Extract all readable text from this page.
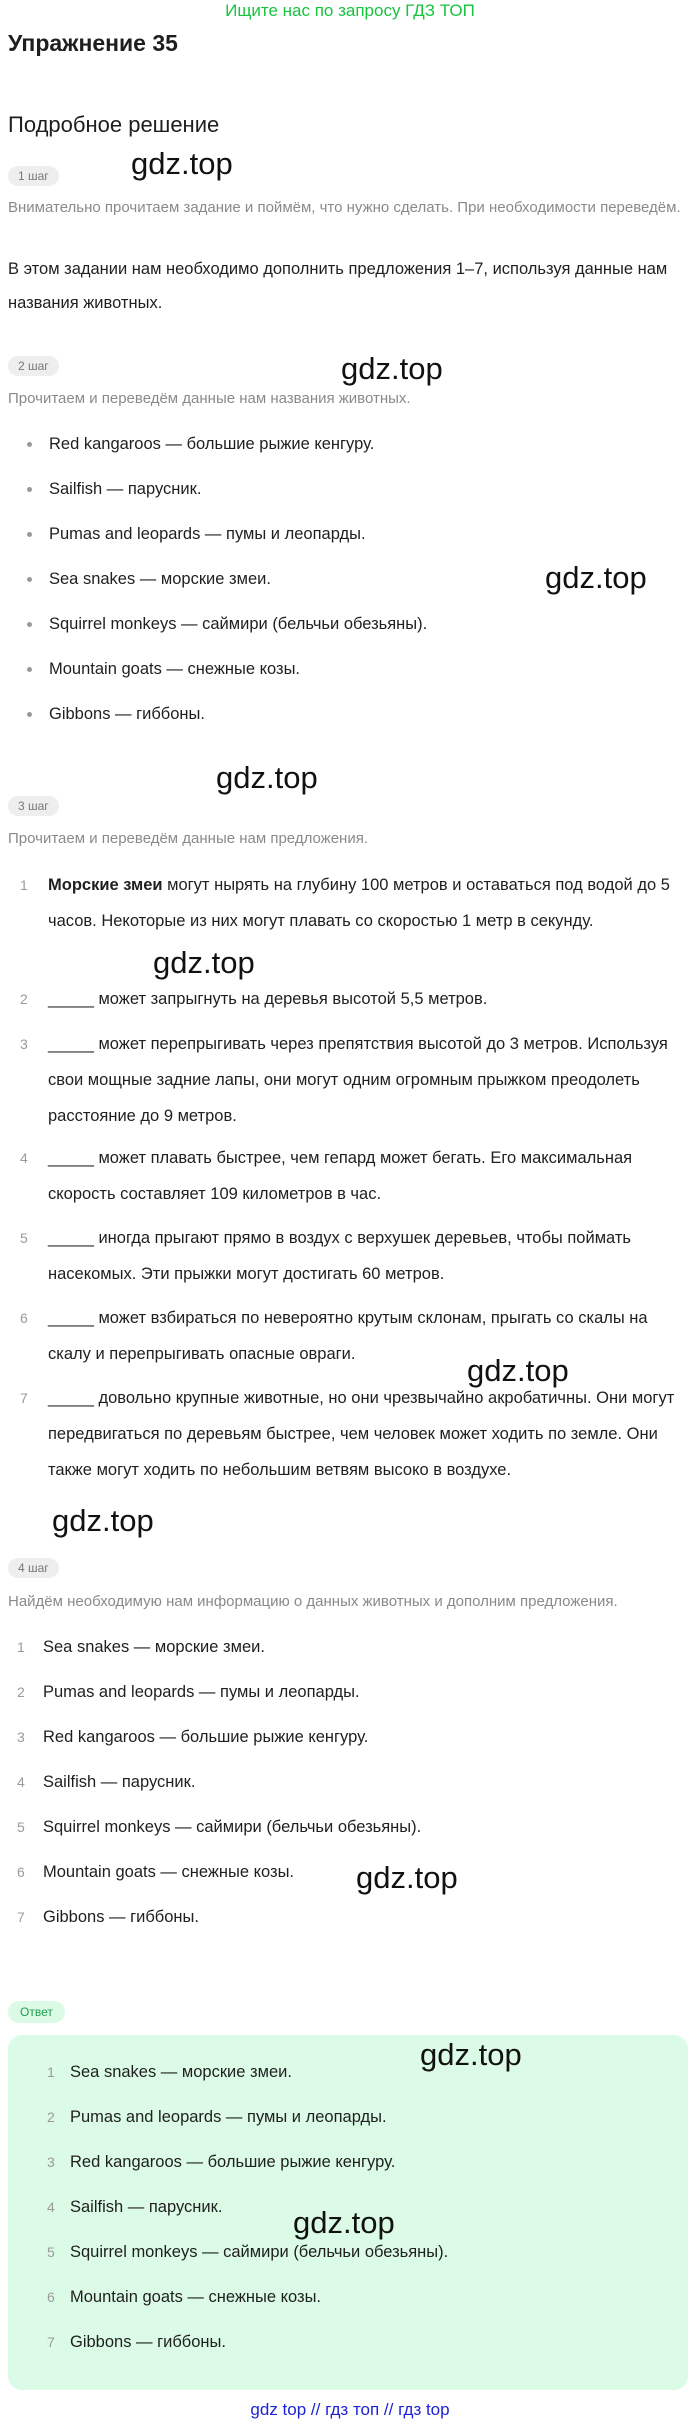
Ищите нас по запросу ГДЗ ТОП
Упражнение 35
Подробное решение
1 шаг	gdz.top
Внимательно прочитаем задание и поймём, что нужно сделать. При необходимости переведём.
В этом задании нам необходимо дополнить предложения 1–7, используя данные нам названия животных.
2 шаг	gdz.top
Прочитаем и переведём данные нам названия животных.
Red kangaroos — большие рыжие кенгуру.
Sailfish — парусник.
Pumas and leopards — пумы и леопарды.
Sea snakes — морские змеи.
Squirrel monkeys — саймири (бельчьи обезьяны).
Mountain goats — снежные козы.
Gibbons — гиббоны.
gdz.top
gdz.top
3 шаг
Прочитаем и переведём данные нам предложения.
1	Морские змеи могут нырять на глубину 100 метров и оставаться под водой до 5 часов. Некоторые из них могут плавать со скоростью 1 метр в секунду.
2	_____ может запрыгнуть на деревья высотой 5,5 метров.
3	_____ может перепрыгивать через препятствия высотой до 3 метров. Используя свои мощные задние лапы, они могут одним огромным прыжком преодолеть расстояние до 9 метров.
4	_____ может плавать быстрее, чем гепард может бегать. Его максимальная скорость составляет 109 километров в час.
5	_____ иногда прыгают прямо в воздух с верхушек деревьев, чтобы поймать насекомых. Эти прыжки могут достигать 60 метров.
6	_____ может взбираться по невероятно крутым склонам, прыгать со скалы на скалу и перепрыгивать опасные овраги.
7	_____ довольно крупные животные, но они чрезвычайно акробатичны. Они могут передвигаться по деревьям быстрее, чем человек может ходить по земле. Они также могут ходить по небольшим ветвям высоко в воздухе.
gdz.top
gdz.top
gdz.top
4 шаг
Найдём необходимую нам информацию о данных животных и дополним предложения.
1	Sea snakes — морские змеи.
2	Pumas and leopards — пумы и леопарды.
3	Red kangaroos — большие рыжие кенгуру.
4	Sailfish — парусник.
5	Squirrel monkeys — саймири (бельчьи обезьяны).
6	Mountain goats — снежные козы.
7	Gibbons — гиббоны.
gdz.top
Ответ
1 Sea snakes — морские змеи.
2 Pumas and leopards — пумы и леопарды.
3 Red kangaroos — большие рыжие кенгуру.
4 Sailfish — парусник.
5 Squirrel monkeys — саймири (бельчьи обезьяны).
6 Mountain goats — снежные козы.
7 Gibbons — гиббоны.
gdz.top
gdz.top
gdz top // гдз топ // гдз top
